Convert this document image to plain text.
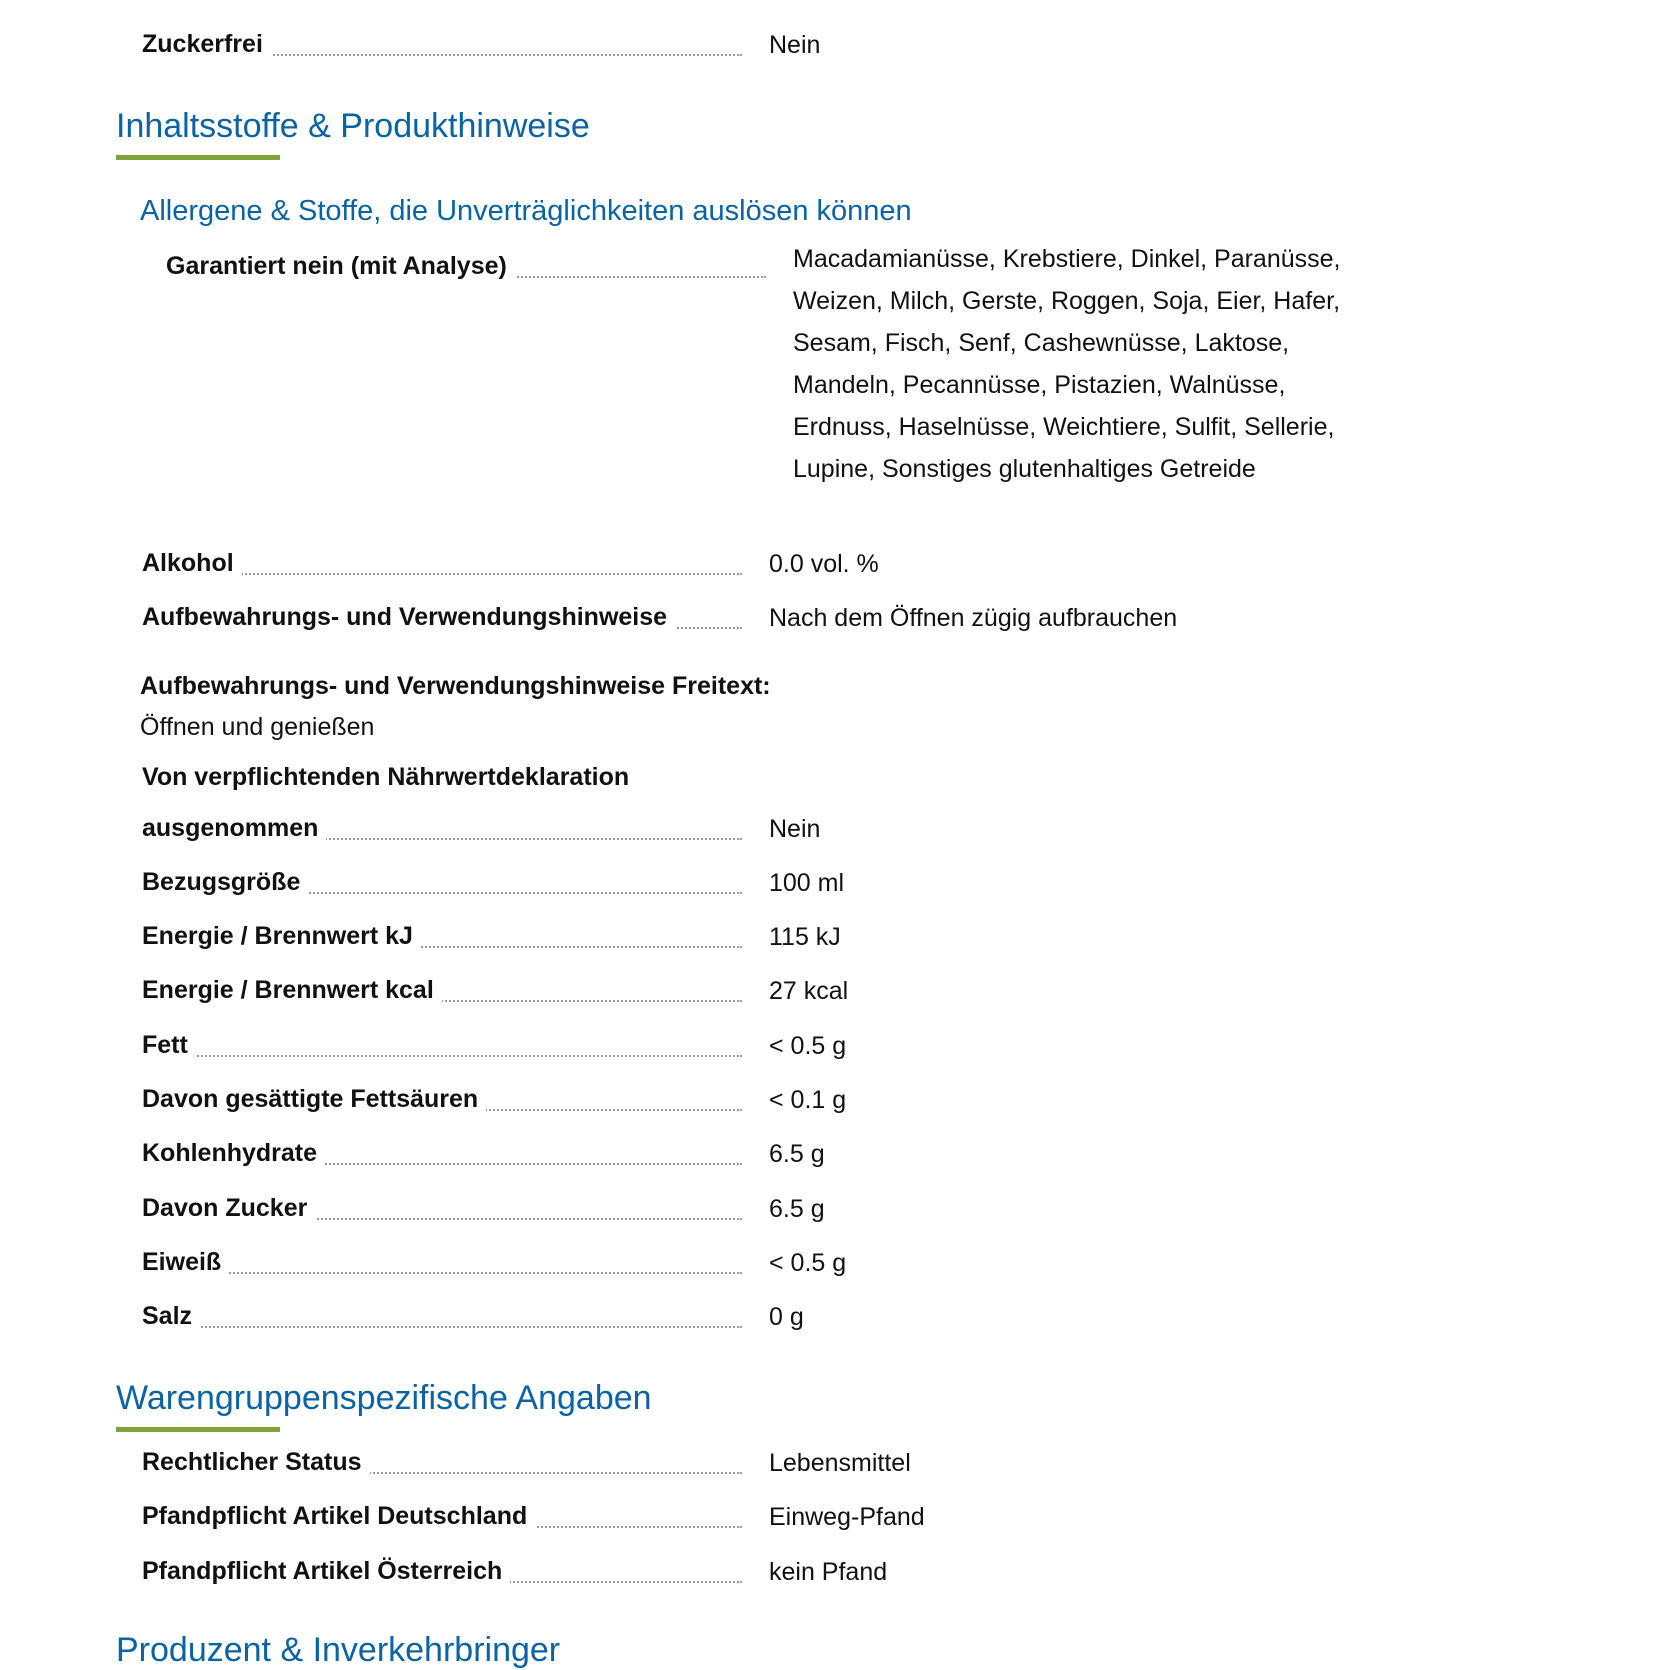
Zuckerfrei	Nein
Inhaltsstoffe & Produkthinweise
Allergene & Stoffe, die Unverträglichkeiten auslösen können
Garantiert nein (mit Analyse)	Macadamianüsse, Krebstiere, Dinkel, Paranüsse, Weizen, Milch, Gerste, Roggen, Soja, Eier, Hafer, Sesam, Fisch, Senf, Cashewnüsse, Laktose, Mandeln, Pecannüsse, Pistazien, Walnüsse, Erdnuss, Haselnüsse, Weichtiere, Sulfit, Sellerie, Lupine, Sonstiges glutenhaltiges Getreide
Alkohol	0.0 vol. %
Aufbewahrungs- und Verwendungshinweise	Nach dem Öffnen zügig aufbrauchen
Aufbewahrungs- und Verwendungshinweise Freitext:
Öffnen und genießen
Von verpflichtenden Nährwertdeklaration
ausgenommen	Nein
Bezugsgröße	100 ml
Energie / Brennwert kJ	115 kJ
Energie / Brennwert kcal	27 kcal
Fett	< 0.5 g
Davon gesättigte Fettsäuren	< 0.1 g
Kohlenhydrate	6.5 g
Davon Zucker	6.5 g
Eiweiß	< 0.5 g
Salz	0 g
Warengruppenspezifische Angaben
Rechtlicher Status	Lebensmittel
Pfandpflicht Artikel Deutschland	Einweg-Pfand
Pfandpflicht Artikel Österreich	kein Pfand
Produzent & Inverkehrbringer
